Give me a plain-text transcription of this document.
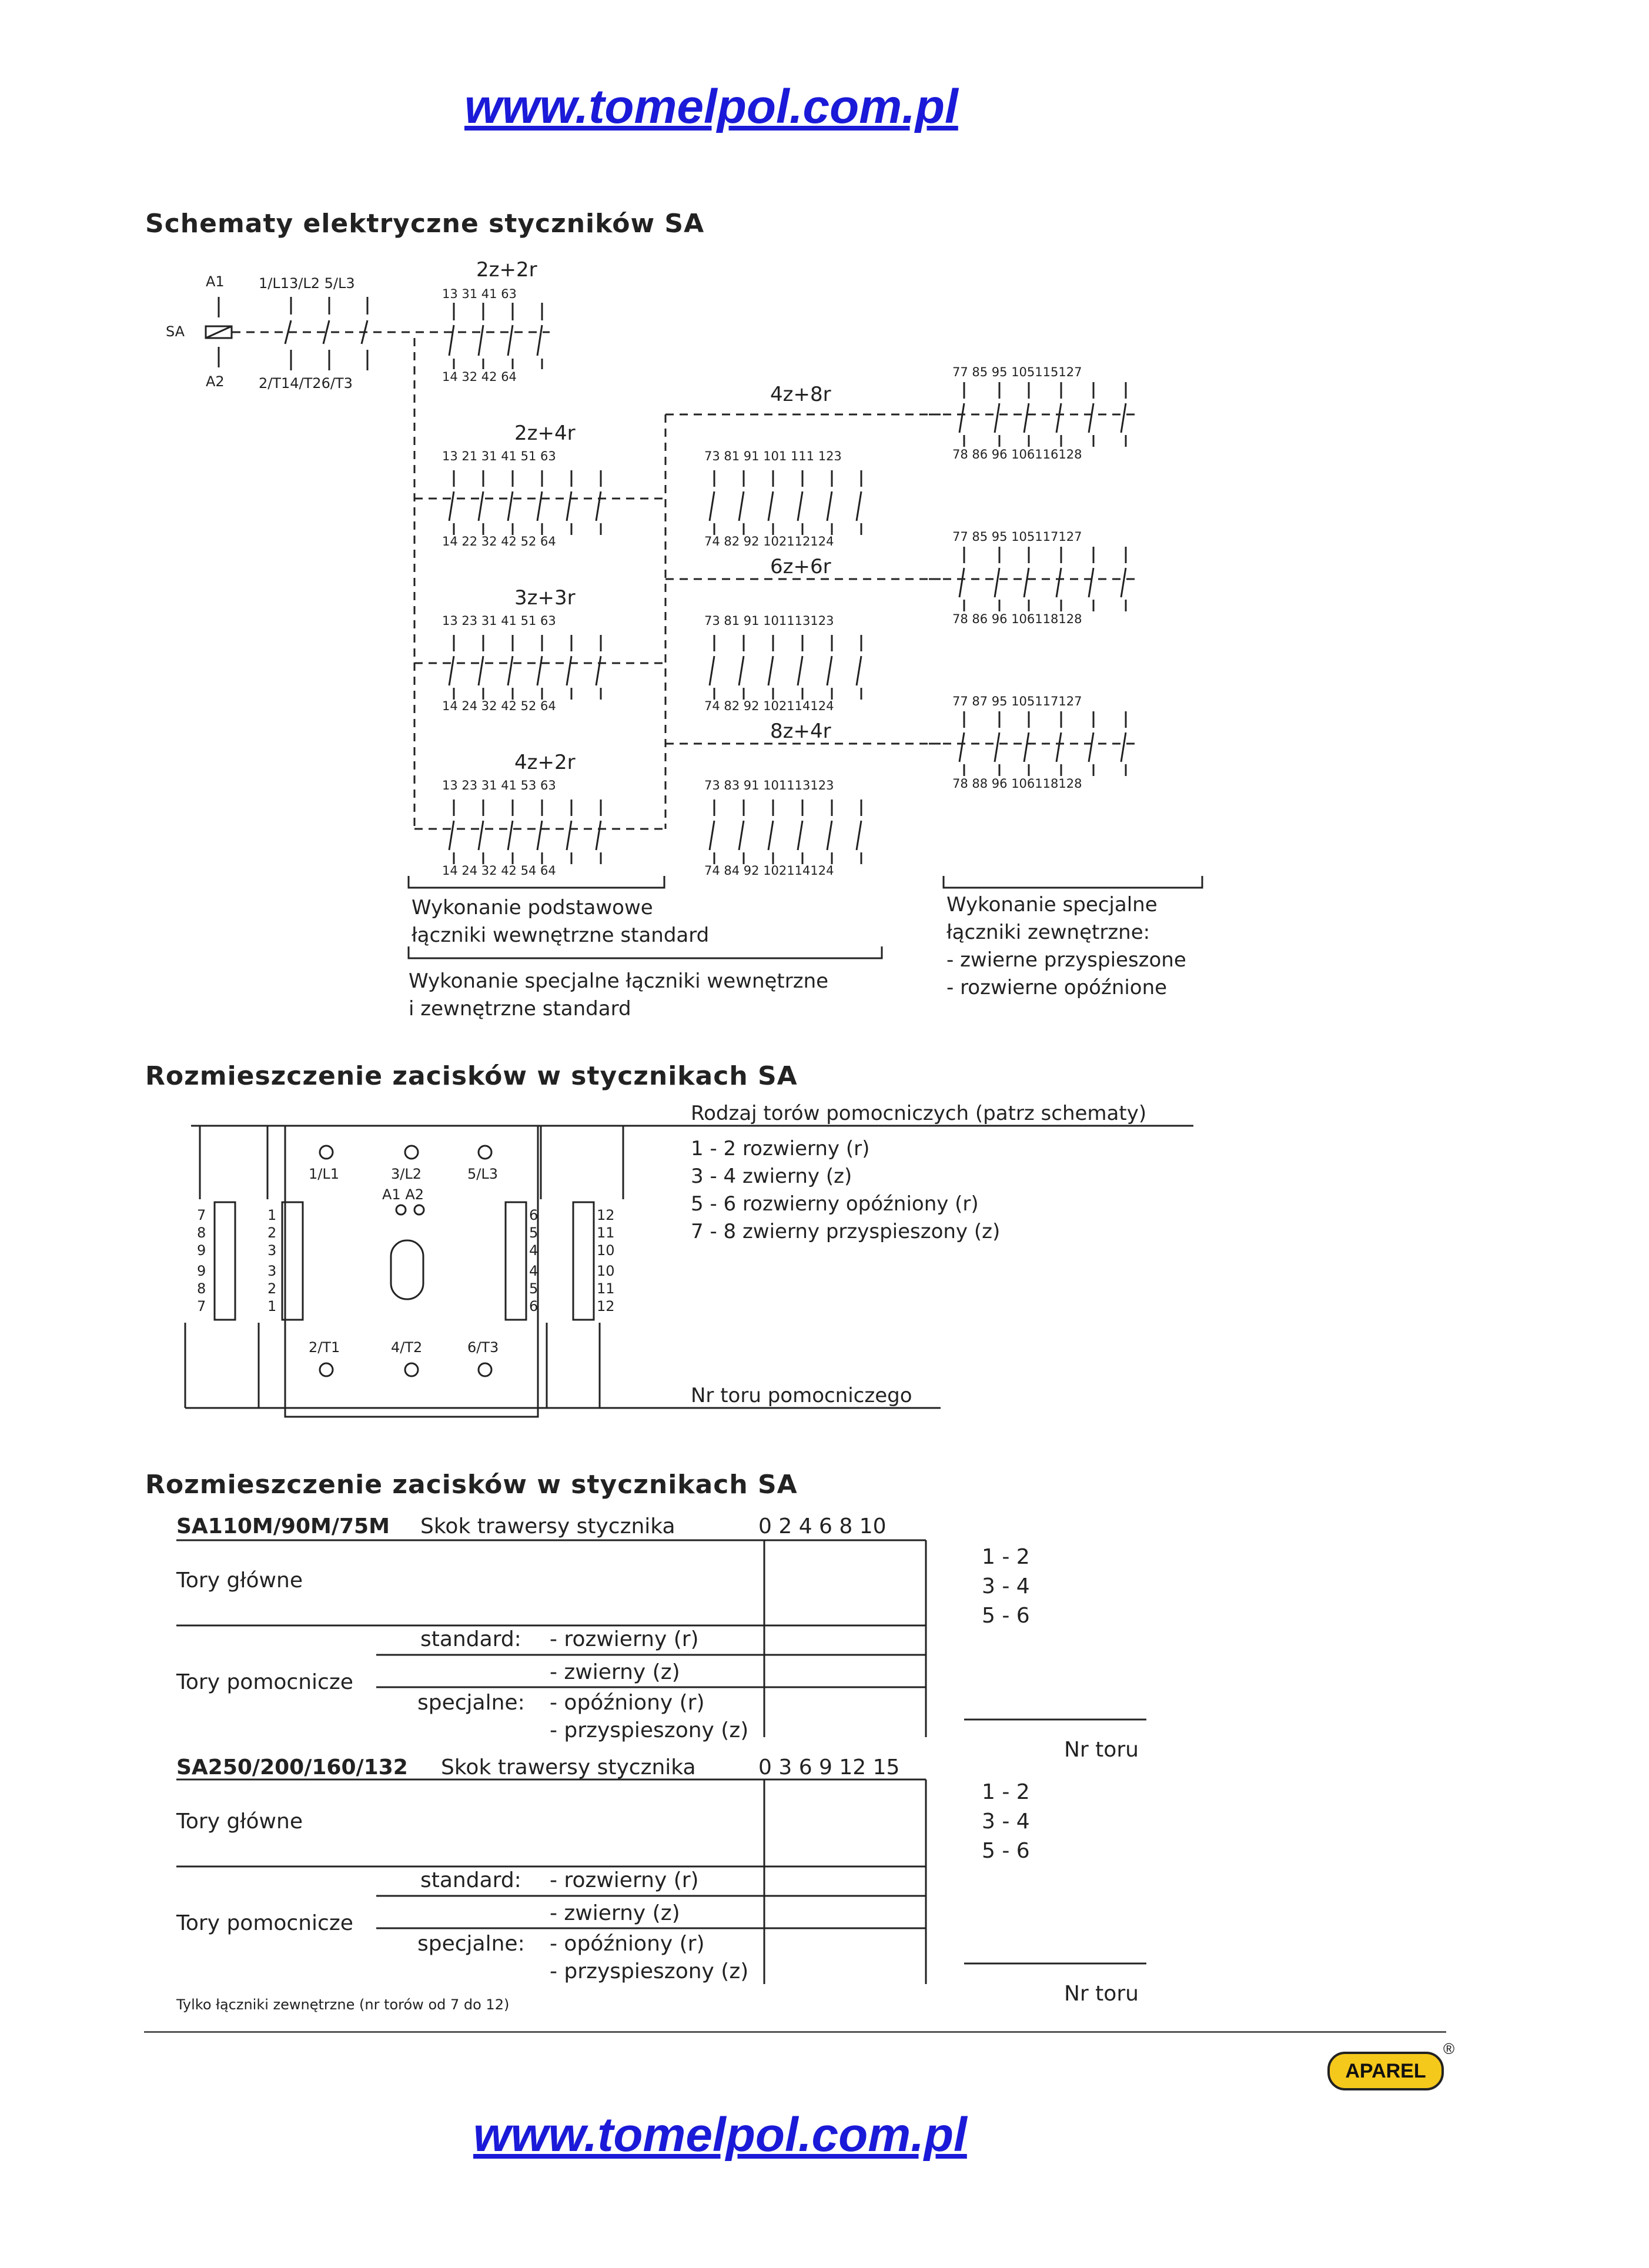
www.tomelpol.com.pl
Schematy elektryczne styczników SA
A1
A2
SA
1/L13/L2 5/L3
2/T14/T26/T3
2z+2r
13 31 41 63
14 32 42 64
2z+4r
13 21 31 41 51 63
14 22 32 42 52 64
3z+3r
13 23 31 41 51 63
14 24 32 42 52 64
4z+2r
13 23 31 41 53 63
14 24 32 42 54 64
73 81 91 101 111 123
74 82 92 102112124
73 81 91 101113123
74 82 92 102114124
73 83 91 101113123
74 84 92 102114124
4z+8r
77 85 95 105115127
78 86 96 106116128
6z+6r
77 85 95 105117127
78 86 96 106118128
8z+4r
77 87 95 105117127
78 88 96 106118128
Wykonanie podstawowe
łączniki wewnętrzne standard
Wykonanie specjalne łączniki wewnętrzne
i zewnętrzne standard
Wykonanie specjalne
łączniki zewnętrzne:
- zwierne przyspieszone
- rozwierne opóźnione
Rozmieszczenie zacisków w stycznikach SA
1/L1	3/L2	5/L3
A1 A2
2/T1	4/T2	6/T3
Rodzaj torów pomocniczych (patrz schematy)
1 - 2 rozwierny (r)
3 - 4 zwierny (z)
5 - 6 rozwierny opóźniony (r)
7 - 8 zwierny przyspieszony (z)
Nr toru pomocniczego
7
8
9
9
8
7
1
2
3
3
2
1
6
5
4
4
5
6
12
11
10
10
11
12
Rozmieszczenie zacisków w stycznikach SA
SA110M/90M/75M Skok trawersy stycznika	0 2 4 6 8 10
Tory główne
Tory pomocnicze
standard: - rozwierny (r)
- zwierny (z)
specjalne: - opóźniony (r)
- przyspieszony (z)
1 - 2
3 - 4
5 - 6
Nr toru
SA250/200/160/132 Skok trawersy stycznika	0 3 6 9 12 15
Tory główne
Tory pomocnicze
standard: - rozwierny (r)
- zwierny (z)
specjalne: - opóźniony (r)
- przyspieszony (z)
1 - 2
3 - 4
5 - 6
Nr toru
Tylko łączniki zewnętrzne (nr torów od 7 do 12)
APAREL
®
www.tomelpol.com.pl
